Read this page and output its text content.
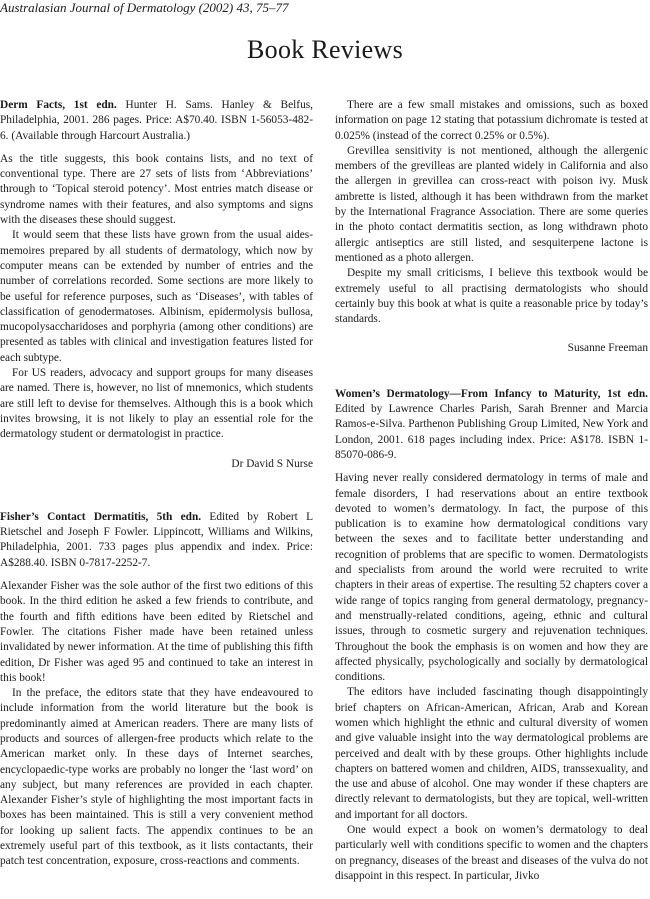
Australasian Journal of Dermatology (2002) 43, 75–77
Book Reviews

Derm Facts, 1st edn. Hunter H. Sams. Hanley & Belfus, Philadelphia, 2001. 286 pages. Price: A$70.40. ISBN 1-56053-482-6. (Available through Harcourt Australia.)

As the title suggests, this book contains lists, and no text of conventional type. There are 27 sets of lists from ‘Abbreviations’ through to ‘Topical steroid potency’. Most entries match disease or syndrome names with their features, and also symptoms and signs with the diseases these should suggest.

It would seem that these lists have grown from the usual aides-memoires prepared by all students of dermatology, which now by computer means can be extended by number of entries and the number of correlations recorded. Some sections are more likely to be useful for reference purposes, such as ‘Diseases’, with tables of classification of genodermatoses. Albinism, epidermolysis bullosa, mucopolysaccharidoses and porphyria (among other conditions) are presented as tables with clinical and investigation features listed for each subtype.

For US readers, advocacy and support groups for many diseases are named. There is, however, no list of mnemonics, which students are still left to devise for themselves. Although this is a book which invites browsing, it is not likely to play an essential role for the dermatology student or dermatologist in practice.

Dr David S Nurse

Fisher’s Contact Dermatitis, 5th edn. Edited by Robert L Rietschel and Joseph F Fowler. Lippincott, Williams and Wilkins, Philadelphia, 2001. 733 pages plus appendix and index. Price: A$288.40. ISBN 0-7817-2252-7.

Alexander Fisher was the sole author of the first two editions of this book. In the third edition he asked a few friends to contribute, and the fourth and fifth editions have been edited by Rietschel and Fowler. The citations Fisher made have been retained unless invalidated by newer information. At the time of publishing this fifth edition, Dr Fisher was aged 95 and continued to take an interest in this book!

In the preface, the editors state that they have endeavoured to include information from the world literature but the book is predominantly aimed at American readers. There are many lists of products and sources of allergen-free products which relate to the American market only. In these days of Internet searches, encyclopaedic-type works are probably no longer the ‘last word’ on any subject, but many references are provided in each chapter. Alexander Fisher’s style of highlighting the most important facts in boxes has been maintained. This is still a very convenient method for looking up salient facts. The appendix continues to be an extremely useful part of this textbook, as it lists contactants, their patch test concentration, exposure, cross-reactions and comments.

There are a few small mistakes and omissions, such as boxed information on page 12 stating that potassium dichromate is tested at 0.025% (instead of the correct 0.25% or 0.5%).

Grevillea sensitivity is not mentioned, although the allergenic members of the grevilleas are planted widely in California and also the allergen in grevillea can cross-react with poison ivy. Musk ambrette is listed, although it has been withdrawn from the market by the International Fragrance Association. There are some queries in the photo contact dermatitis section, as long withdrawn photo allergic antiseptics are still listed, and sesquiterpene lactone is mentioned as a photo allergen.

Despite my small criticisms, I believe this textbook would be extremely useful to all practising dermatologists who should certainly buy this book at what is quite a reasonable price by today’s standards.

Susanne Freeman

Women’s Dermatology—From Infancy to Maturity, 1st edn. Edited by Lawrence Charles Parish, Sarah Brenner and Marcia Ramos-e-Silva. Parthenon Publishing Group Limited, New York and London, 2001. 618 pages including index. Price: A$178. ISBN 1-85070-086-9.

Having never really considered dermatology in terms of male and female disorders, I had reservations about an entire textbook devoted to women’s dermatology. In fact, the purpose of this publication is to examine how dermatological conditions vary between the sexes and to facilitate better understanding and recognition of problems that are specific to women. Dermatologists and specialists from around the world were recruited to write chapters in their areas of expertise. The resulting 52 chapters cover a wide range of topics ranging from general dermatology, pregnancy- and menstrually-related conditions, ageing, ethnic and cultural issues, through to cosmetic surgery and rejuvenation techniques. Throughout the book the emphasis is on women and how they are affected physically, psychologically and socially by dermatological conditions.

The editors have included fascinating though disappointingly brief chapters on African-American, African, Arab and Korean women which highlight the ethnic and cultural diversity of women and give valuable insight into the way dermatological problems are perceived and dealt with by these groups. Other highlights include chapters on battered women and children, AIDS, transsexuality, and the use and abuse of alcohol. One may wonder if these chapters are directly relevant to dermatologists, but they are topical, well-written and important for all doctors.

One would expect a book on women’s dermatology to deal particularly well with conditions specific to women and the chapters on pregnancy, diseases of the breast and diseases of the vulva do not disappoint in this respect. In particular, Jivko
